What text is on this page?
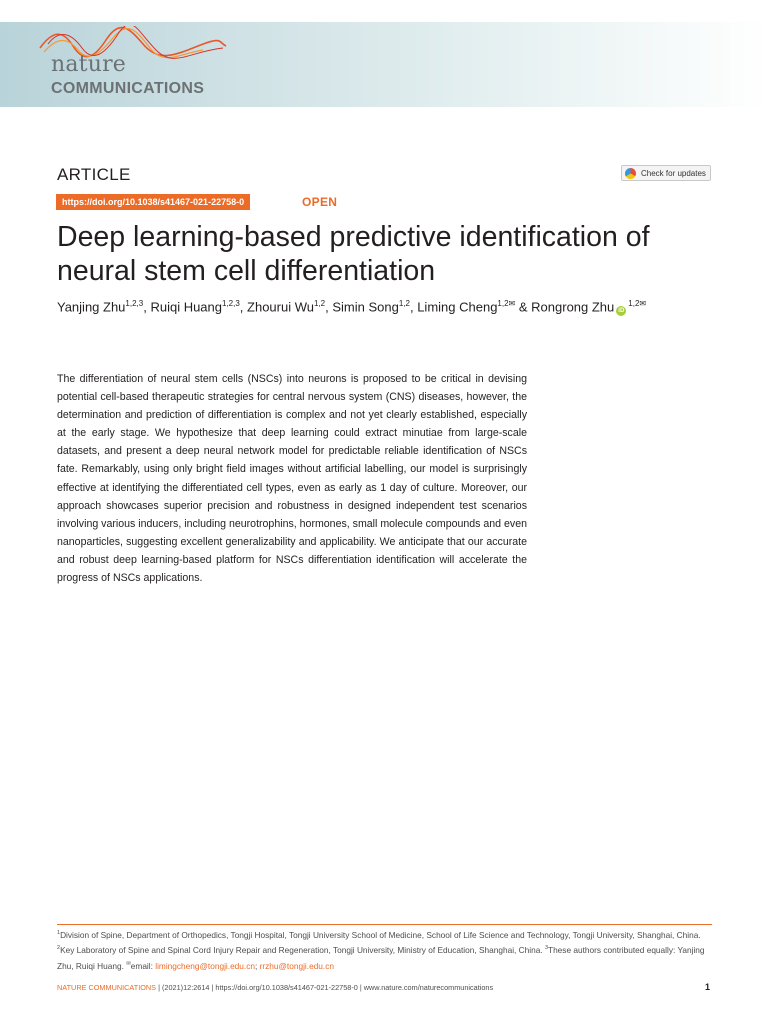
nature
COMMUNICATIONS
ARTICLE	Check for updates
https://doi.org/10.1038/s41467-021-22758-0	OPEN
Deep learning-based predictive identification of neural stem cell differentiation
Yanjing Zhu$^{1,2,3}$, Ruiqi Huang$^{1,2,3}$, Zhourui Wu$^{1,2}$, Simin Song$^{1,2}$, Liming Cheng$^{1,2✉}$ & Rongrong Zhu $iD^{1,2✉}$

The differentiation of neural stem cells (NSCs) into neurons is proposed to be critical in devising potential cell-based therapeutic strategies for central nervous system (CNS) diseases, however, the determination and prediction of differentiation is complex and not yet clearly established, especially at the early stage. We hypothesize that deep learning could extract minutiae from large-scale datasets, and present a deep neural network model for predictable reliable identification of NSCs fate. Remarkably, using only bright field images without artificial labelling, our model is surprisingly effective at identifying the differentiated cell types, even as early as 1 day of culture. Moreover, our approach showcases superior precision and robustness in designed independent test scenarios involving various inducers, including neurotrophins, hormones, small molecule compounds and even nanoparticles, suggesting excellent generalizability and applicability. We anticipate that our accurate and robust deep learning-based platform for NSCs differentiation identification will accelerate the progress of NSCs applications.

$^1$Division of Spine, Department of Orthopedics, Tongji Hospital, Tongji University School of Medicine, School of Life Science and Technology, Tongji University, Shanghai, China. $^2$Key Laboratory of Spine and Spinal Cord Injury Repair and Regeneration, Tongji University, Ministry of Education, Shanghai, China. $^3$These authors contributed equally: Yanjing Zhu, Ruiqi Huang. ✉email: limingcheng@tongji.edu.cn; rrzhu@tongji.edu.cn

NATURE COMMUNICATIONS | (2021)12:2614 | https://doi.org/10.1038/s41467-021-22758-0 | www.nature.com/naturecommunications	1
